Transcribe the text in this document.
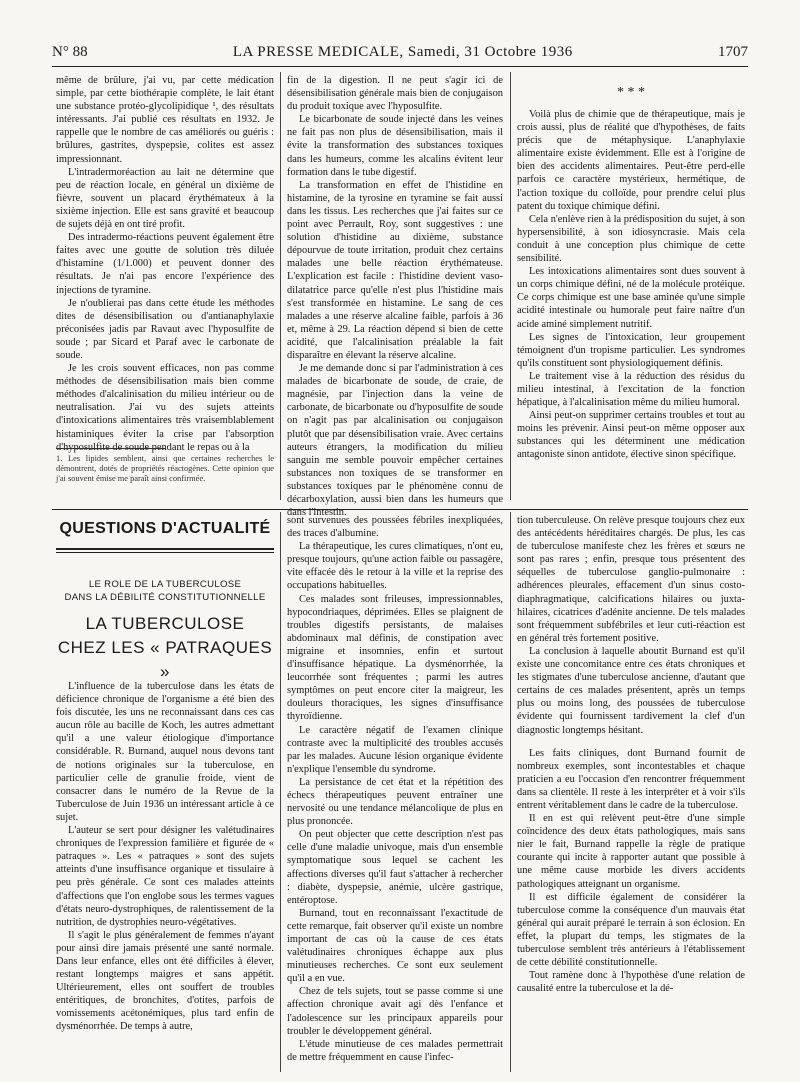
N° 88	LA PRESSE MEDICALE, Samedi, 31 Octobre 1936	1707

même de brûlure, j'ai vu, par cette médication simple, par cette biothérapie complète, le lait étant une substance protéo-glycolipidique ¹, des résultats intéressants. J'ai publié ces résultats en 1932. Je rappelle que le nombre de cas améliorés ou guéris : brûlures, gastrites, dyspepsie, colites est assez impressionnant.

L'intradermoréaction au lait ne détermine que peu de réaction locale, en général un dixième de fièvre, souvent un placard érythémateux à la sixième injection. Elle est sans gravité et beaucoup de sujets déjà en ont tiré profit.

Des intradermo-réactions peuvent également être faites avec une goutte de solution très diluée d'histamine (1/1.000) et peuvent donner des résultats. Je n'ai pas encore l'expérience des injections de tyramine.

Je n'oublierai pas dans cette étude les méthodes dites de désensibilisation ou d'antianaphylaxie préconisées jadis par Ravaut avec l'hyposulfite de soude ; par Sicard et Paraf avec le carbonate de soude.

Je les crois souvent efficaces, non pas comme méthodes de désensibilisation mais bien comme méthodes d'alcalinisation du milieu intérieur ou de neutralisation. J'ai vu des sujets atteints d'intoxications alimentaires très vraisemblablement histaminiques éviter la crise par l'absorption d'hyposulfite de soude pendant le repas ou à la

fin de la digestion. Il ne peut s'agir ici de désensibilisation générale mais bien de conjugaison du produit toxique avec l'hyposulfite.

Le bicarbonate de soude injecté dans les veines ne fait pas non plus de désensibilisation, mais il évite la transformation des substances toxiques dans les humeurs, comme les alcalins évitent leur formation dans le tube digestif.

La transformation en effet de l'histidine en histamine, de la tyrosine en tyramine se fait aussi dans les tissus. Les recherches que j'ai faites sur ce point avec Perrault, Roy, sont suggestives : une solution d'histidine au dixième, substance dépourvue de toute irritation, produit chez certains malades une belle réaction érythémateuse. L'explication est facile : l'histidine devient vaso-dilatatrice parce qu'elle n'est plus l'histidine mais s'est transformée en histamine. Le sang de ces malades a une réserve alcaline faible, parfois à 36 et, même à 29. La réaction dépend si bien de cette acidité, que l'alcalinisation préalable la fait disparaître en élevant la réserve alcaline.

Je me demande donc si par l'administration à ces malades de bicarbonate de soude, de craie, de magnésie, par l'injection dans la veine de carbonate, de bicarbonate ou d'hyposulfite de soude on n'agit pas par alcalinisation ou conjugaison plutôt que par désensibilisation vraie. Avec certains auteurs étrangers, la modification du milieu sanguin me semble pouvoir empêcher certaines substances non toxiques de se transformer en substances toxiques par le phénomène connu de décarboxylation, aussi bien dans les humeurs que dans l'intestin.

* * *

Voilà plus de chimie que de thérapeutique, mais je crois aussi, plus de réalité que d'hypothèses, de faits précis que de métaphysique. L'anaphylaxie alimentaire existe évidemment. Elle est à l'origine de bien des accidents alimentaires. Peut-être perd-elle parfois ce caractère mystérieux, hermétique, de l'action toxique du colloïde, pour prendre celui plus patent du toxique chimique défini.

Cela n'enlève rien à la prédisposition du sujet, à son hypersensibilité, à son idiosyncrasie. Mais cela conduit à une conception plus chimique de cette sensibilité.

Les intoxications alimentaires sont dues souvent à un corps chimique défini, né de la molécule protéique. Ce corps chimique est une base aminée qu'une simple acidité intestinale ou humorale peut faire naître d'un acide aminé simplement nutritif.

Les signes de l'intoxication, leur groupement témoignent d'un tropisme particulier. Les syndromes qu'ils constituent sont physiologiquement définis.

Le traitement vise à la réduction des résidus du milieu intestinal, à l'excitation de la fonction hépatique, à l'alcalinisation même du milieu humoral.

Ainsi peut-on supprimer certains troubles et tout au moins les prévenir. Ainsi peut-on même opposer aux substances qui les déterminent une médication antagoniste sinon antidote, élective sinon spécifique.

1. Les lipides semblent, ainsi que certaines recherches le démontrent, dotés de propriétés réactogènes. Cette opinion que j'ai souvent émise me paraît ainsi confirmée.
QUESTIONS D'ACTUALITÉ
LE ROLE DE LA TUBERCULOSE
DANS LA DÉBILITÉ CONSTITUTIONNELLE
LA TUBERCULOSE
CHEZ LES « PATRAQUES »

L'influence de la tuberculose dans les états de déficience chronique de l'organisme a été bien des fois discutée, les uns ne reconnaissant dans ces cas aucun rôle au bacille de Koch, les autres admettant qu'il a une valeur étiologique d'importance considérable. R. Burnand, auquel nous devons tant de notions originales sur la tuberculose, en particulier celle de granulie froide, vient de consacrer dans le numéro de la Revue de la Tuberculose de Juin 1936 un intéressant article à ce sujet.

L'auteur se sert pour désigner les valétudinaires chroniques de l'expression familière et figurée de « patraques ». Les « patraques » sont des sujets atteints d'une insuffisance organique et tissulaire à peu près générale. Ce sont ces malades atteints d'affections que l'on englobe sous les termes vagues d'états neuro-dystrophiques, de ralentissement de la nutrition, de dystrophies neuro-végétatives.

Il s'agit le plus généralement de femmes n'ayant pour ainsi dire jamais présenté une santé normale. Dans leur enfance, elles ont été difficiles à élever, restant longtemps maigres et sans appétit. Ultérieurement, elles ont souffert de troubles entéritiques, de bronchites, d'otites, parfois de vomissements acétonémiques, plus tard enfin de dysménorrhée. De temps à autre,

sont survenues des poussées fébriles inexpliquées, des traces d'albumine.

La thérapeutique, les cures climatiques, n'ont eu, presque toujours, qu'une action faible ou passagère, vite effacée dès le retour à la ville et la reprise des occupations habituelles.

Ces malades sont frileuses, impressionnables, hypocondriaques, déprimées. Elles se plaignent de troubles digestifs persistants, de malaises abdominaux mal définis, de constipation avec migraine et insomnies, enfin et surtout d'insuffisance hépatique. La dysménorrhée, la leucorrhée sont fréquentes ; parmi les autres symptômes on peut encore citer la maigreur, les douleurs thoraciques, les signes d'insuffisance thyroïdienne.

Le caractère négatif de l'examen clinique contraste avec la multiplicité des troubles accusés par les malades. Aucune lésion organique évidente n'explique l'ensemble du syndrome.

La persistance de cet état et la répétition des échecs thérapeutiques peuvent entraîner une nervosité ou une tendance mélancolique de plus en plus prononcée.

On peut objecter que cette description n'est pas celle d'une maladie univoque, mais d'un ensemble symptomatique sous lequel se cachent les affections diverses qu'il faut s'attacher à rechercher : diabète, dyspepsie, anémie, ulcère gastrique, entéroptose.

Burnand, tout en reconnaissant l'exactitude de cette remarque, fait observer qu'il existe un nombre important de cas où la cause de ces états valétudinaires chroniques échappe aux plus minutieuses recherches. Ce sont eux seulement qu'il a en vue.

Chez de tels sujets, tout se passe comme si une affection chronique avait agi dès l'enfance et l'adolescence sur les principaux appareils pour troubler le développement général.

L'étude minutieuse de ces malades permettrait de mettre fréquemment en cause l'infec-

tion tuberculeuse. On relève presque toujours chez eux des antécédents héréditaires chargés. De plus, les cas de tuberculose manifeste chez les frères et sœurs ne sont pas rares ; enfin, presque tous présentent des séquelles de tuberculose ganglio-pulmonaire : adhérences pleurales, effacement d'un sinus costo-diaphragmatique, calcifications hilaires ou juxta-hilaires, cicatrices d'adénite ancienne. De tels malades sont fréquemment subfébriles et leur cuti-réaction est en général très fortement positive.

La conclusion à laquelle aboutit Burnand est qu'il existe une concomitance entre ces états chroniques et les stigmates d'une tuberculose ancienne, d'autant que certains de ces malades présentent, après un temps plus ou moins long, des poussées de tuberculose évidente qui fournissent tardivement la clef d'un diagnostic longtemps hésitant.

Les faits cliniques, dont Burnand fournit de nombreux exemples, sont incontestables et chaque praticien a eu l'occasion d'en rencontrer fréquemment dans sa clientèle. Il reste à les interpréter et à voir s'ils entrent véritablement dans le cadre de la tuberculose.

Il en est qui relèvent peut-être d'une simple coïncidence des deux états pathologiques, mais sans nier le fait, Burnand rappelle la règle de pratique courante qui incite à rapporter autant que possible à une même cause morbide les divers accidents pathologiques atteignant un organisme.

Il est difficile également de considérer la tuberculose comme la conséquence d'un mauvais état général qui aurait préparé le terrain à son éclosion. En effet, la plupart du temps, les stigmates de la tuberculose semblent très antérieurs à l'établissement de cette débilité constitutionnelle.

Tout ramène donc à l'hypothèse d'une relation de causalité entre la tuberculose et la dé-
